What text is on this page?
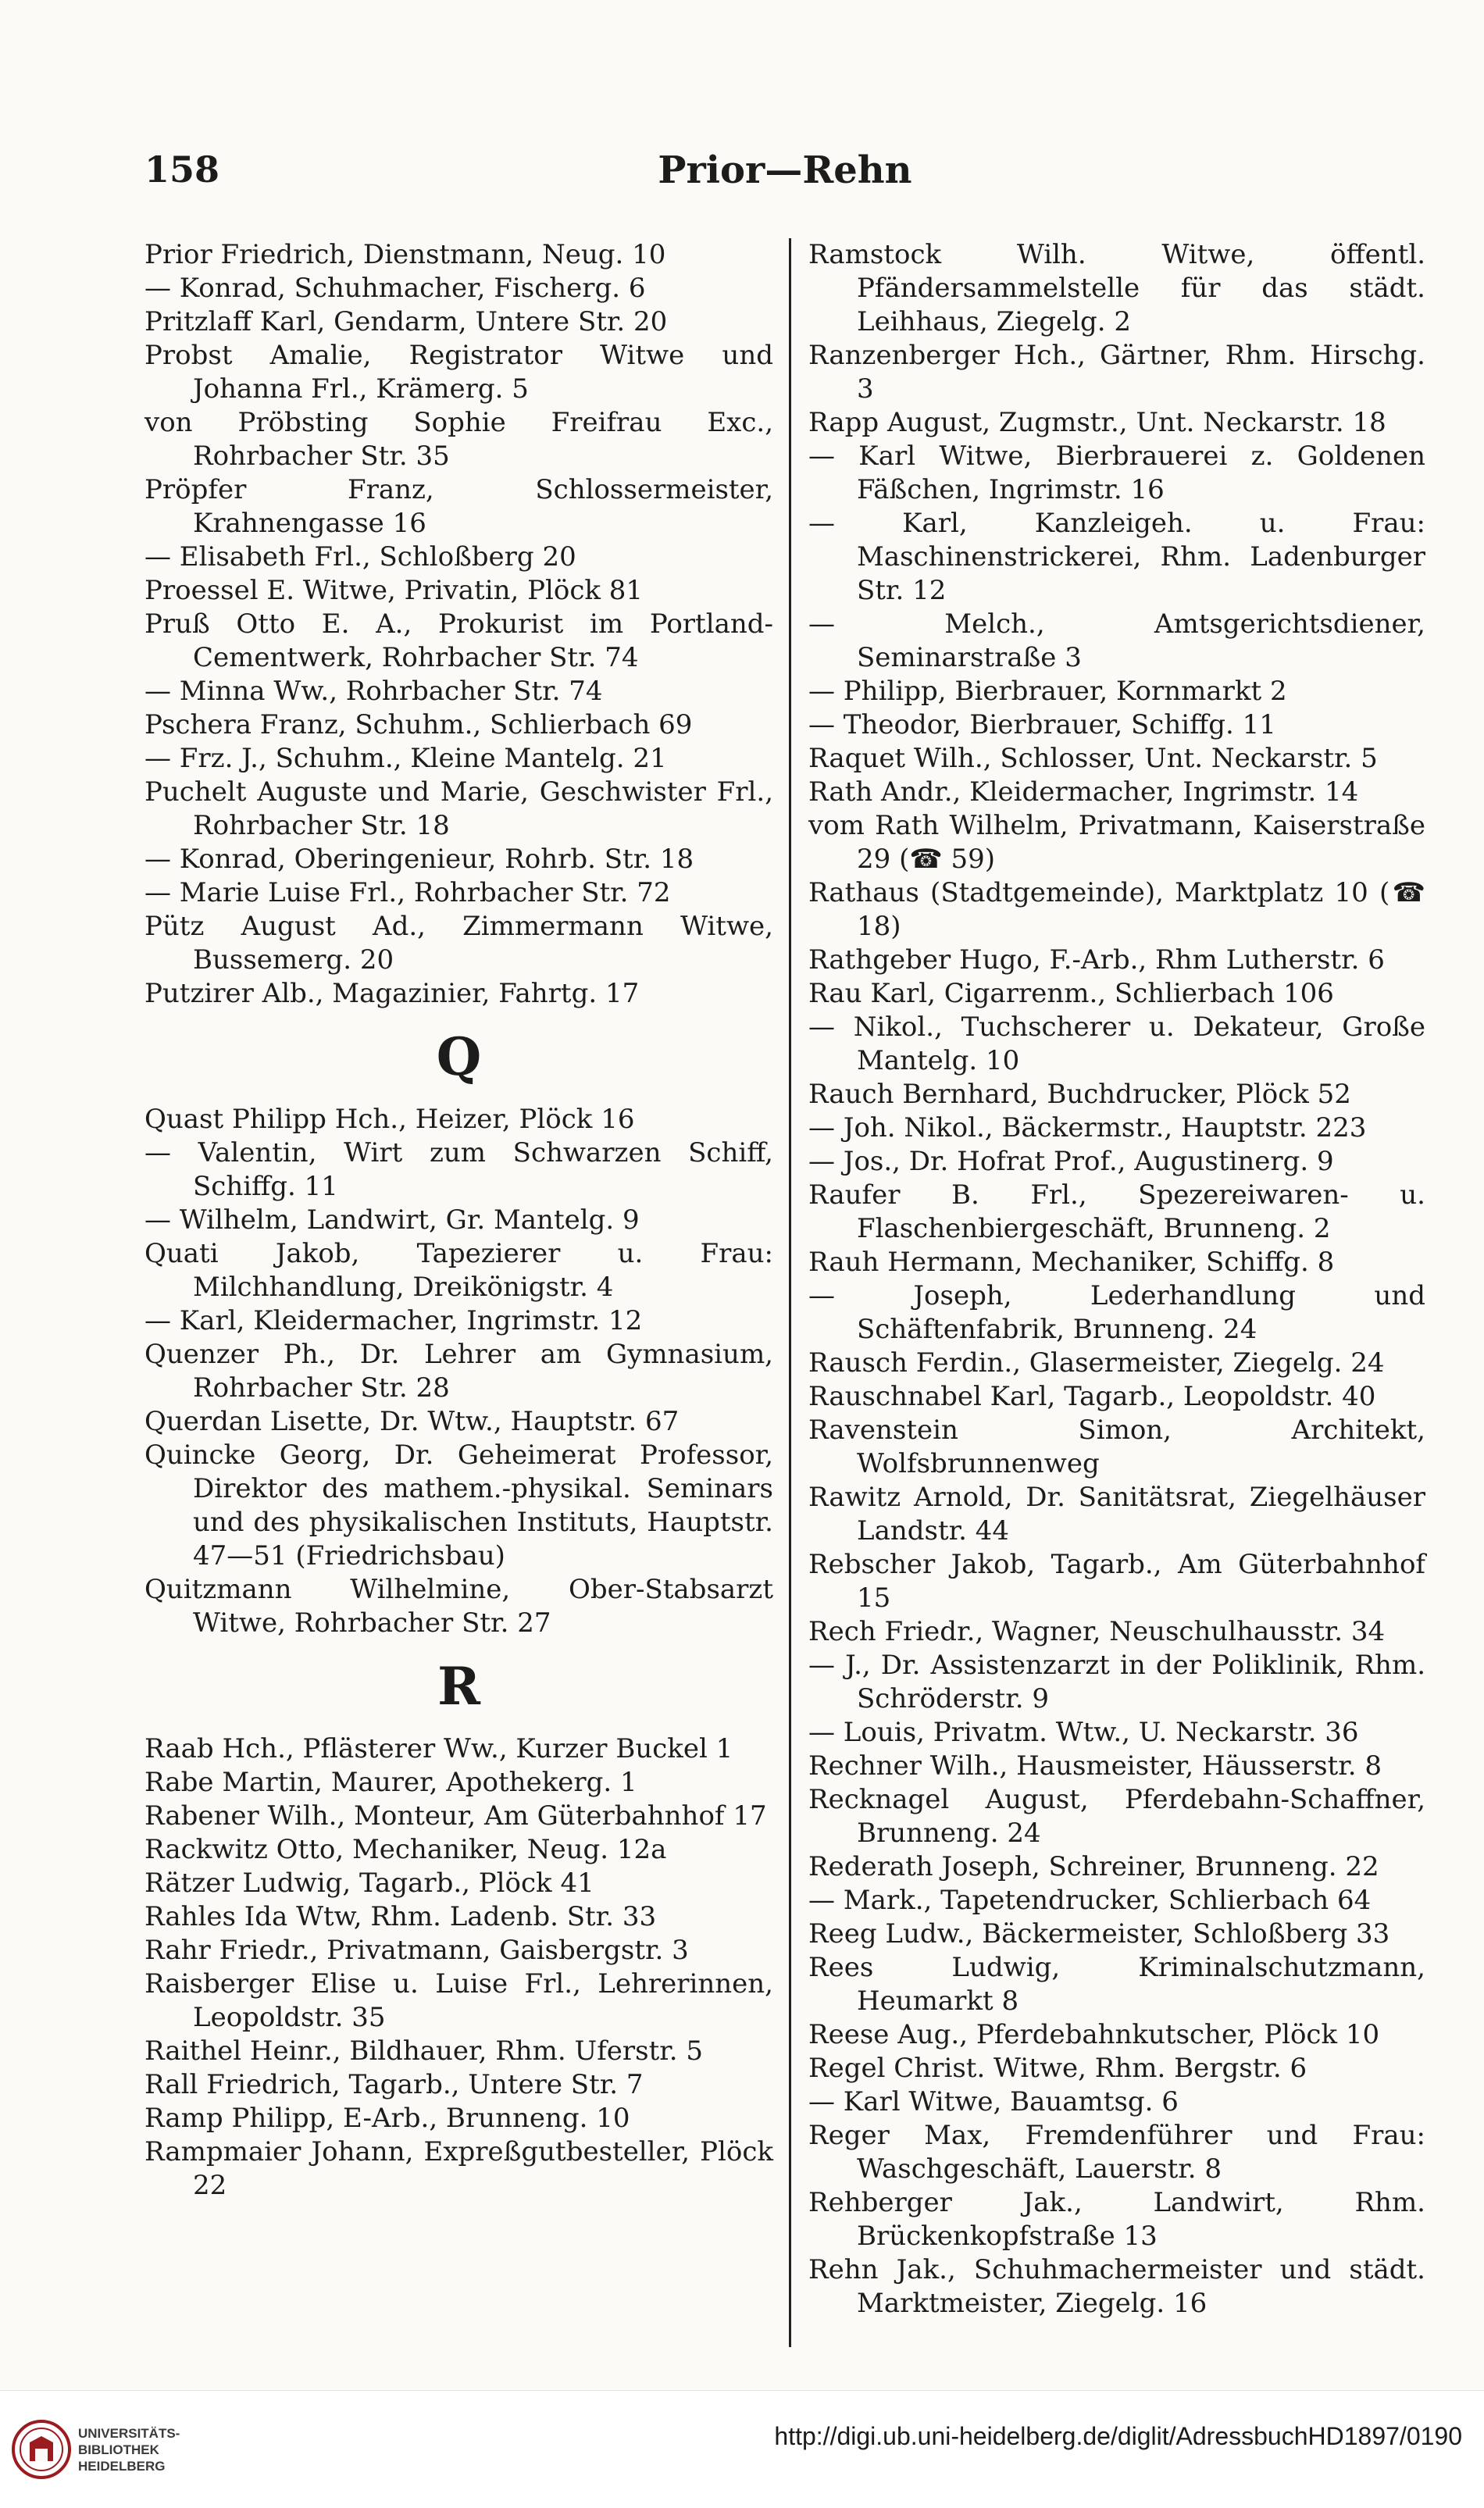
158	Prior—Rehn
Prior Friedrich, Dienstmann, Neug. 10
— Konrad, Schuhmacher, Fischerg. 6
Pritzlaff Karl, Gendarm, Untere Str. 20
Probst Amalie, Registrator Witwe und Johanna Frl., Krämerg. 5
von Pröbsting Sophie Freifrau Exc., Rohrbacher Str. 35
Pröpfer Franz, Schlossermeister, Krahnengasse 16
— Elisabeth Frl., Schloßberg 20
Proessel E. Witwe, Privatin, Plöck 81
Pruß Otto E. A., Prokurist im Portland-Cementwerk, Rohrbacher Str. 74
— Minna Ww., Rohrbacher Str. 74
Pschera Franz, Schuhm., Schlierbach 69
— Frz. J., Schuhm., Kleine Mantelg. 21
Puchelt Auguste und Marie, Geschwister Frl., Rohrbacher Str. 18
— Konrad, Oberingenieur, Rohrb. Str. 18
— Marie Luise Frl., Rohrbacher Str. 72
Pütz August Ad., Zimmermann Witwe, Bussemerg. 20
Putzirer Alb., Magazinier, Fahrtg. 17
Q
Quast Philipp Hch., Heizer, Plöck 16
— Valentin, Wirt zum Schwarzen Schiff, Schiffg. 11
— Wilhelm, Landwirt, Gr. Mantelg. 9
Quati Jakob, Tapezierer u. Frau: Milchhandlung, Dreikönigstr. 4
— Karl, Kleidermacher, Ingrimstr. 12
Quenzer Ph., Dr. Lehrer am Gymnasium, Rohrbacher Str. 28
Querdan Lisette, Dr. Wtw., Hauptstr. 67
Quincke Georg, Dr. Geheimerat Professor, Direktor des mathem.-physikal. Seminars und des physikalischen Instituts, Hauptstr. 47—51 (Friedrichsbau)
Quitzmann Wilhelmine, Ober-Stabsarzt Witwe, Rohrbacher Str. 27
R
Raab Hch., Pflästerer Ww., Kurzer Buckel 1
Rabe Martin, Maurer, Apothekerg. 1
Rabener Wilh., Monteur, Am Güterbahnhof 17
Rackwitz Otto, Mechaniker, Neug. 12a
Rätzer Ludwig, Tagarb., Plöck 41
Rahles Ida Wtw, Rhm. Ladenb. Str. 33
Rahr Friedr., Privatmann, Gaisbergstr. 3
Raisberger Elise u. Luise Frl., Lehrerinnen, Leopoldstr. 35
Raithel Heinr., Bildhauer, Rhm. Uferstr. 5
Rall Friedrich, Tagarb., Untere Str. 7
Ramp Philipp, E-Arb., Brunneng. 10
Rampmaier Johann, Expreßgutbesteller, Plöck 22
Ramstock Wilh. Witwe, öffentl. Pfändersammelstelle für das städt. Leihhaus, Ziegelg. 2
Ranzenberger Hch., Gärtner, Rhm. Hirschg. 3
Rapp August, Zugmstr., Unt. Neckarstr. 18
— Karl Witwe, Bierbrauerei z. Goldenen Fäßchen, Ingrimstr. 16
— Karl, Kanzleigeh. u. Frau: Maschinenstrickerei, Rhm. Ladenburger Str. 12
— Melch., Amtsgerichtsdiener, Seminarstraße 3
— Philipp, Bierbrauer, Kornmarkt 2
— Theodor, Bierbrauer, Schiffg. 11
Raquet Wilh., Schlosser, Unt. Neckarstr. 5
Rath Andr., Kleidermacher, Ingrimstr. 14
vom Rath Wilhelm, Privatmann, Kaiserstraße 29 (☎ 59)
Rathaus (Stadtgemeinde), Marktplatz 10 (☎ 18)
Rathgeber Hugo, F.-Arb., Rhm Lutherstr. 6
Rau Karl, Cigarrenm., Schlierbach 106
— Nikol., Tuchscherer u. Dekateur, Große Mantelg. 10
Rauch Bernhard, Buchdrucker, Plöck 52
— Joh. Nikol., Bäckermstr., Hauptstr. 223
— Jos., Dr. Hofrat Prof., Augustinerg. 9
Raufer B. Frl., Spezereiwaren- u. Flaschenbiergeschäft, Brunneng. 2
Rauh Hermann, Mechaniker, Schiffg. 8
— Joseph, Lederhandlung und Schäftenfabrik, Brunneng. 24
Rausch Ferdin., Glasermeister, Ziegelg. 24
Rauschnabel Karl, Tagarb., Leopoldstr. 40
Ravenstein Simon, Architekt, Wolfsbrunnenweg
Rawitz Arnold, Dr. Sanitätsrat, Ziegelhäuser Landstr. 44
Rebscher Jakob, Tagarb., Am Güterbahnhof 15
Rech Friedr., Wagner, Neuschulhausstr. 34
— J., Dr. Assistenzarzt in der Poliklinik, Rhm. Schröderstr. 9
— Louis, Privatm. Wtw., U. Neckarstr. 36
Rechner Wilh., Hausmeister, Häusserstr. 8
Recknagel August, Pferdebahn-Schaffner, Brunneng. 24
Rederath Joseph, Schreiner, Brunneng. 22
— Mark., Tapetendrucker, Schlierbach 64
Reeg Ludw., Bäckermeister, Schloßberg 33
Rees Ludwig, Kriminalschutzmann, Heumarkt 8
Reese Aug., Pferdebahnkutscher, Plöck 10
Regel Christ. Witwe, Rhm. Bergstr. 6
— Karl Witwe, Bauamtsg. 6
Reger Max, Fremdenführer und Frau: Waschgeschäft, Lauerstr. 8
Rehberger Jak., Landwirt, Rhm. Brückenkopfstraße 13
Rehn Jak., Schuhmachermeister und städt. Marktmeister, Ziegelg. 16
UNIVERSITÄTS-
BIBLIOTHEK
HEIDELBERG
http://digi.ub.uni-heidelberg.de/diglit/AdressbuchHD1897/0190
